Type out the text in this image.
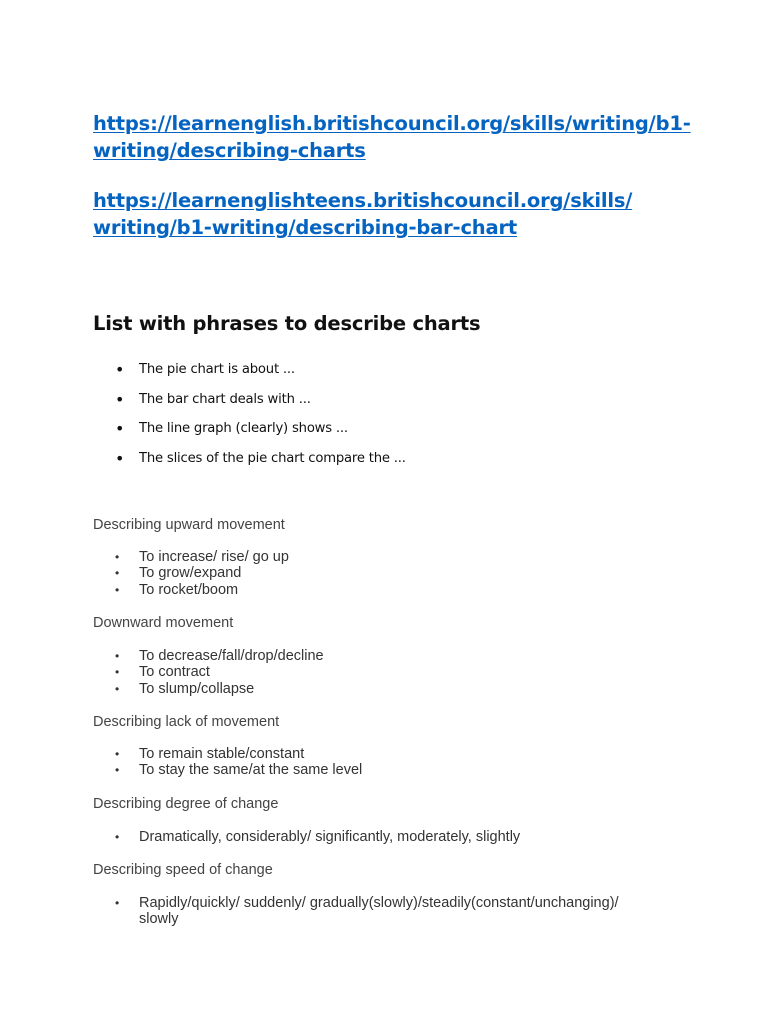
https://learnenglish.britishcouncil.org/skills/writing/b1-
writing/describing-charts
https://learnenglishteens.britishcouncil.org/skills/
writing/b1-writing/describing-bar-chart
List with phrases to describe charts
• The pie chart is about ...
• The bar chart deals with ...
• The line graph (clearly) shows ...
• The slices of the pie chart compare the ...
Describing upward movement
• To increase/ rise/ go up
• To grow/expand
• To rocket/boom
Downward movement
• To decrease/fall/drop/decline
• To contract
• To slump/collapse
Describing lack of movement
• To remain stable/constant
• To stay the same/at the same level
Describing degree of change
• Dramatically, considerably/ significantly, moderately, slightly
Describing speed of change
• Rapidly/quickly/ suddenly/ gradually(slowly)/steadily(constant/unchanging)/
slowly
